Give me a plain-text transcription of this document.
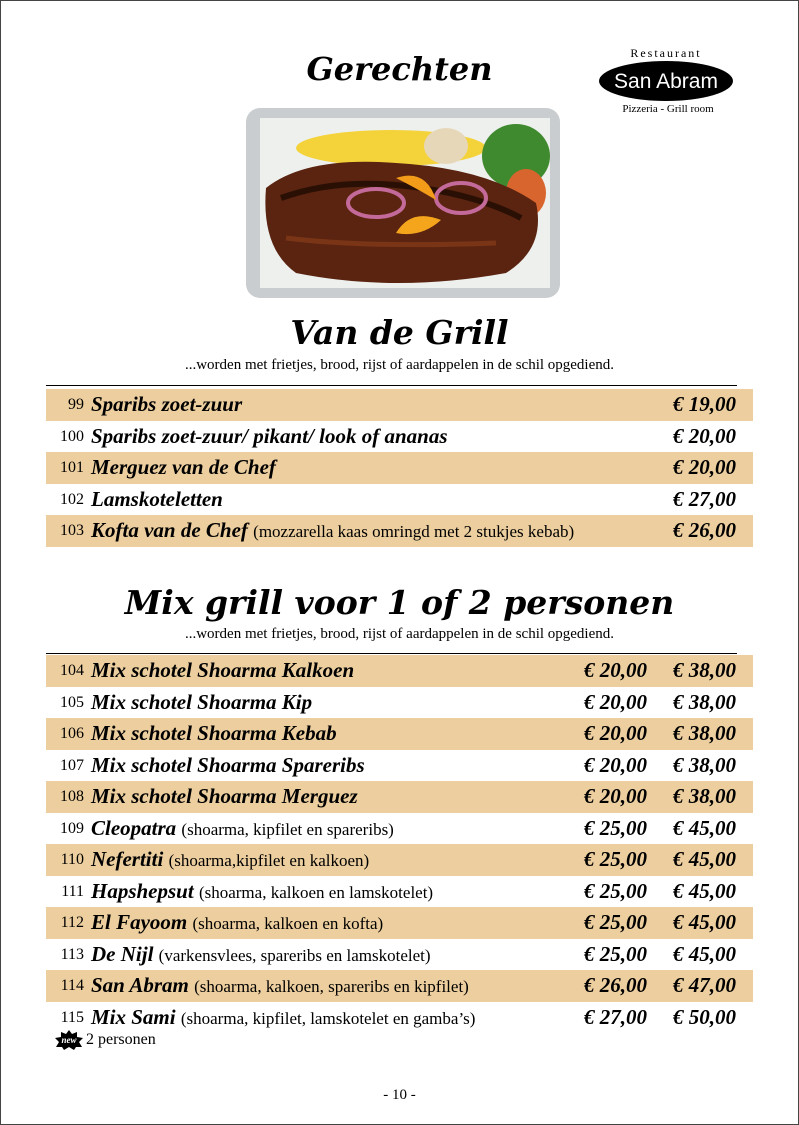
Gerechten	Restaurant
San Abram
Pizzeria - Grill room
Van de Grill
...worden met frietjes, brood, rijst of aardappelen in de schil opgediend.
99 Sparibs zoet-zuur	€ 19,00
100 Sparibs zoet-zuur/ pikant/ look of ananas	€ 20,00
101 Merguez van de Chef	€ 20,00
102 Lamskoteletten	€ 27,00
103 Kofta van de Chef (mozzarella kaas omringd met 2 stukjes kebab)	€ 26,00
Mix grill voor 1 of 2 personen
...worden met frietjes, brood, rijst of aardappelen in de schil opgediend.
104 Mix schotel Shoarma Kalkoen	€ 20,00 € 38,00
105 Mix schotel Shoarma Kip	€ 20,00 € 38,00
106 Mix schotel Shoarma Kebab	€ 20,00 € 38,00
107 Mix schotel Shoarma Spareribs	€ 20,00 € 38,00
108 Mix schotel Shoarma Merguez	€ 20,00 € 38,00
109 Cleopatra (shoarma, kipfilet en spareribs)	€ 25,00 € 45,00
110 Nefertiti (shoarma,kipfilet en kalkoen)	€ 25,00 € 45,00
111 Hapshepsut (shoarma, kalkoen en lamskotelet)	€ 25,00 € 45,00
112 El Fayoom (shoarma, kalkoen en kofta)	€ 25,00 € 45,00
113 De Nijl (varkensvlees, spareribs en lamskotelet)	€ 25,00 € 45,00
114 San Abram (shoarma, kalkoen, spareribs en kipfilet)	€ 26,00 € 47,00
115 Mix Sami (shoarma, kipfilet, lamskotelet en gamba’s)	€ 27,00 € 50,00
new 2 personen
- 10 -
